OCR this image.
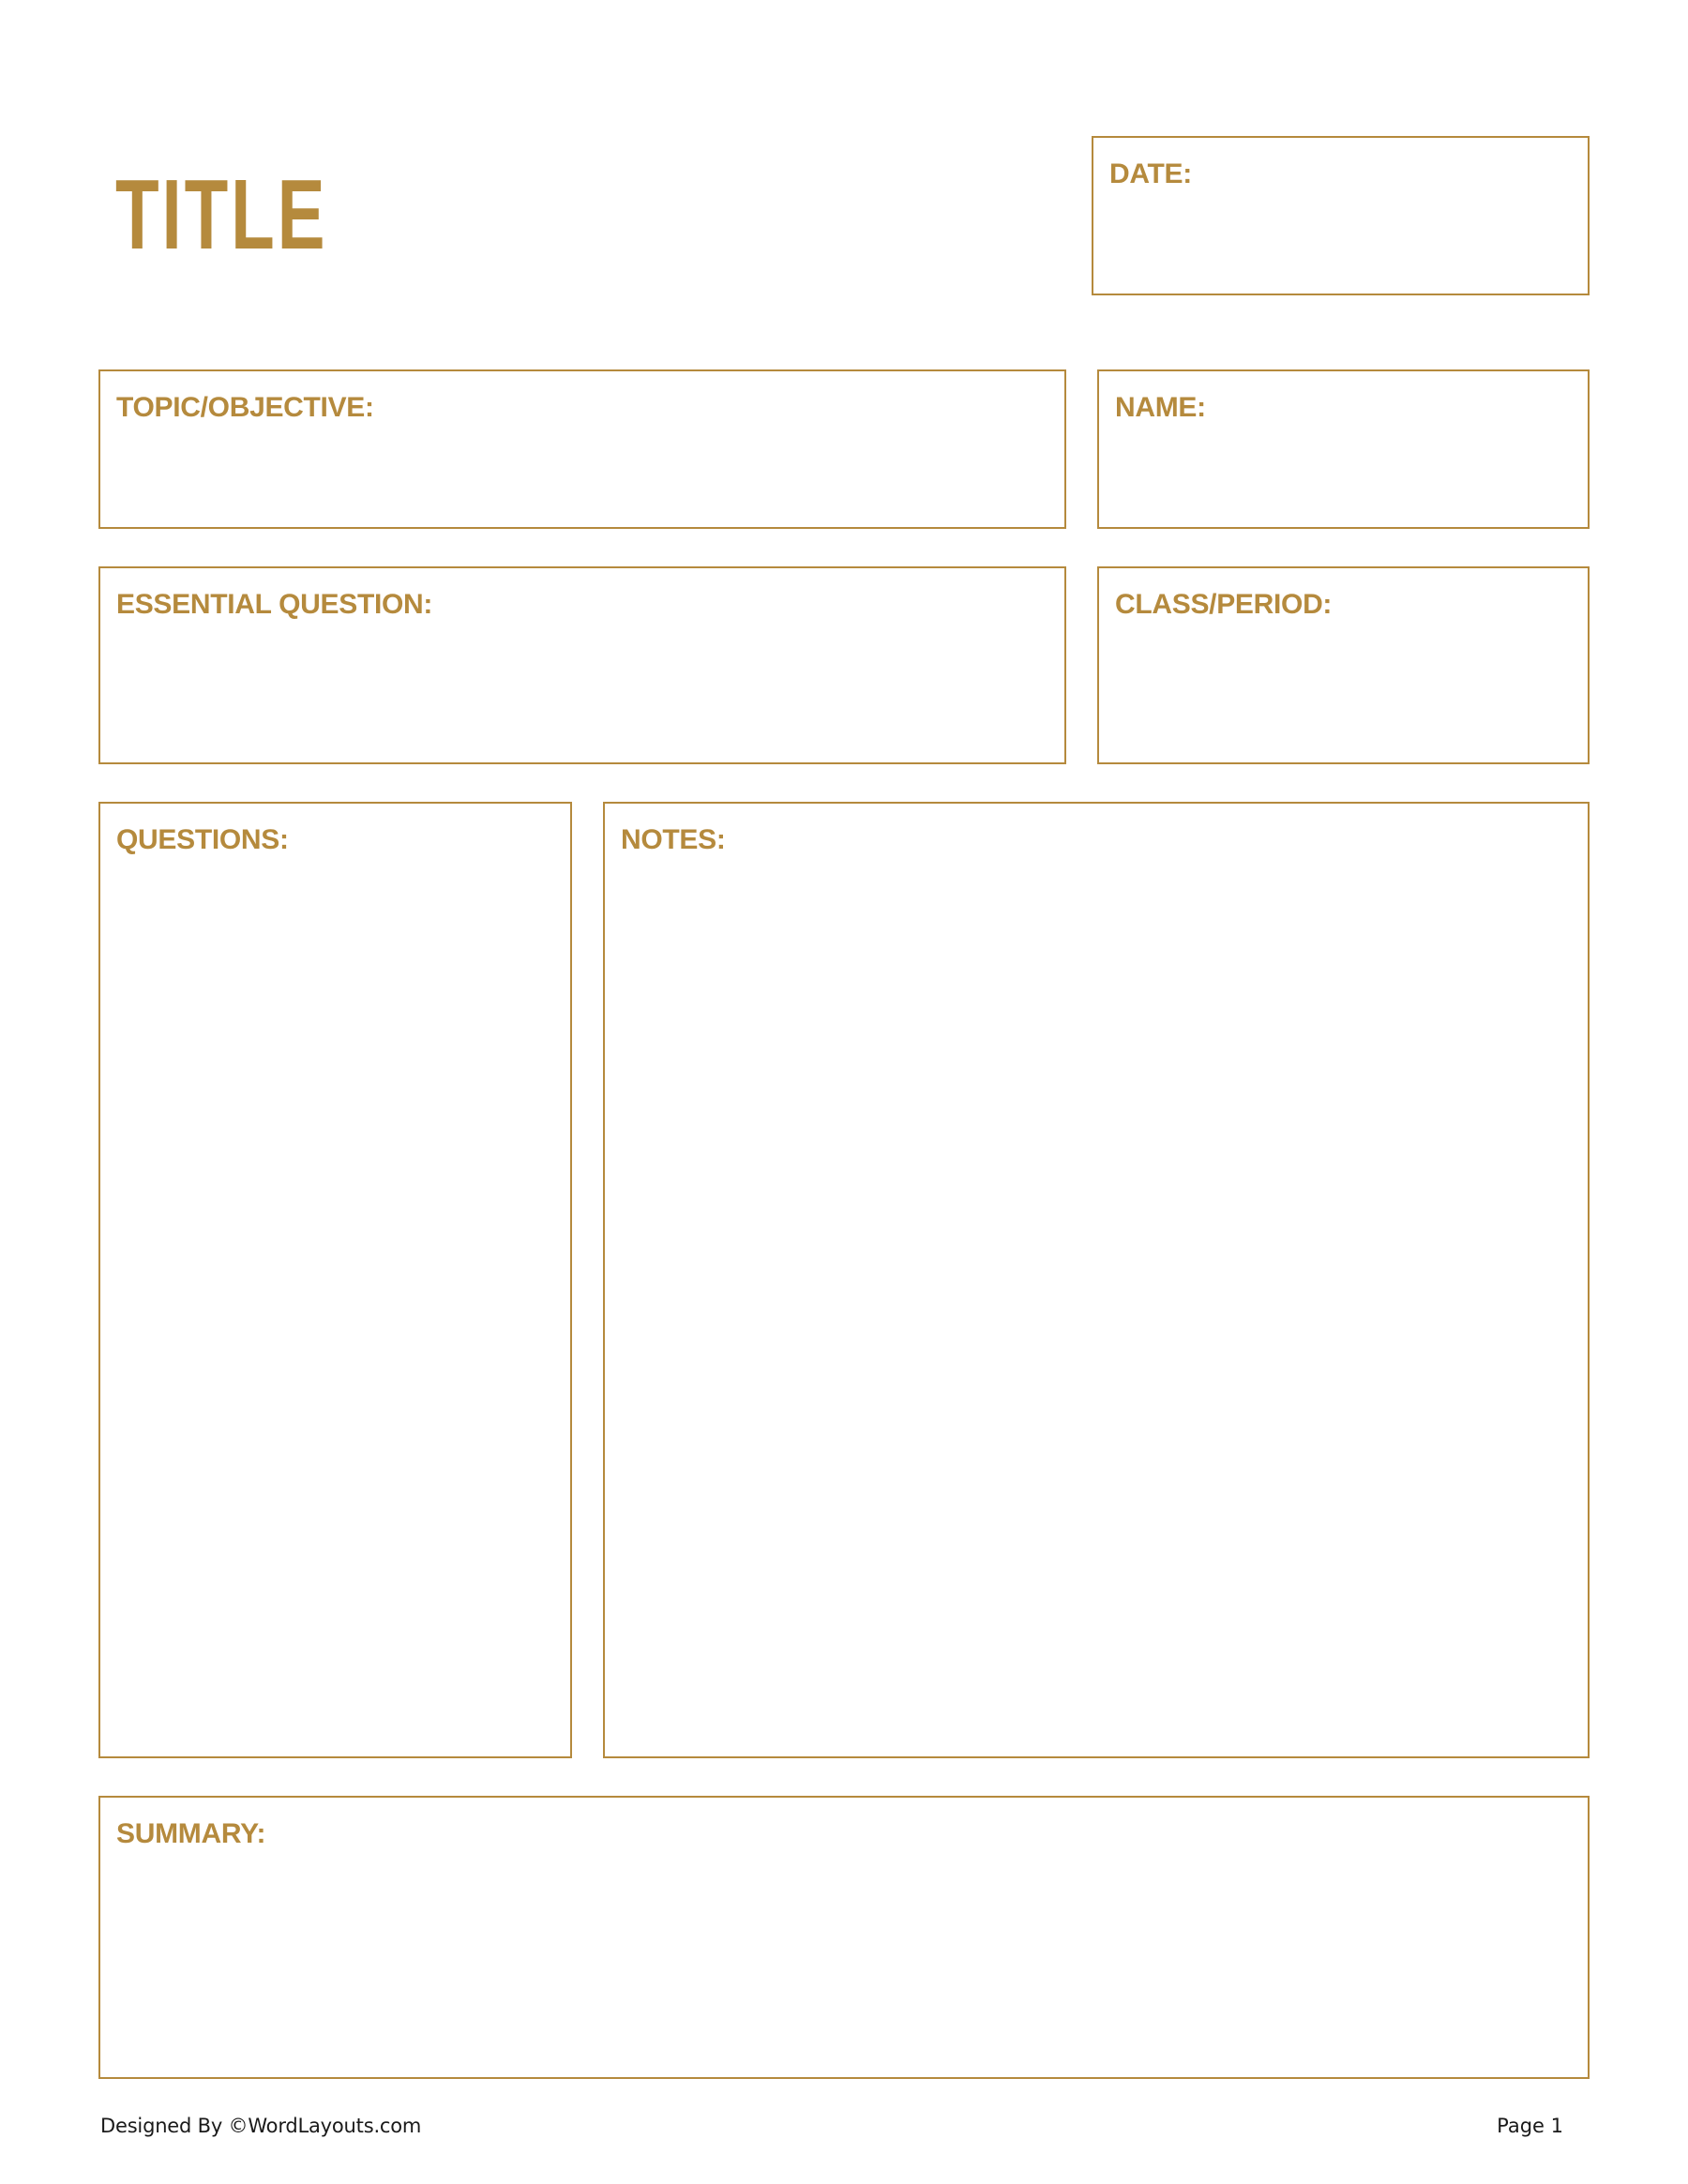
TITLE	DATE:
TOPIC/OBJECTIVE:	NAME:
ESSENTIAL QUESTION:	CLASS/PERIOD:
QUESTIONS:	NOTES:
SUMMARY:
Designed By ©WordLayouts.com	Page 1
